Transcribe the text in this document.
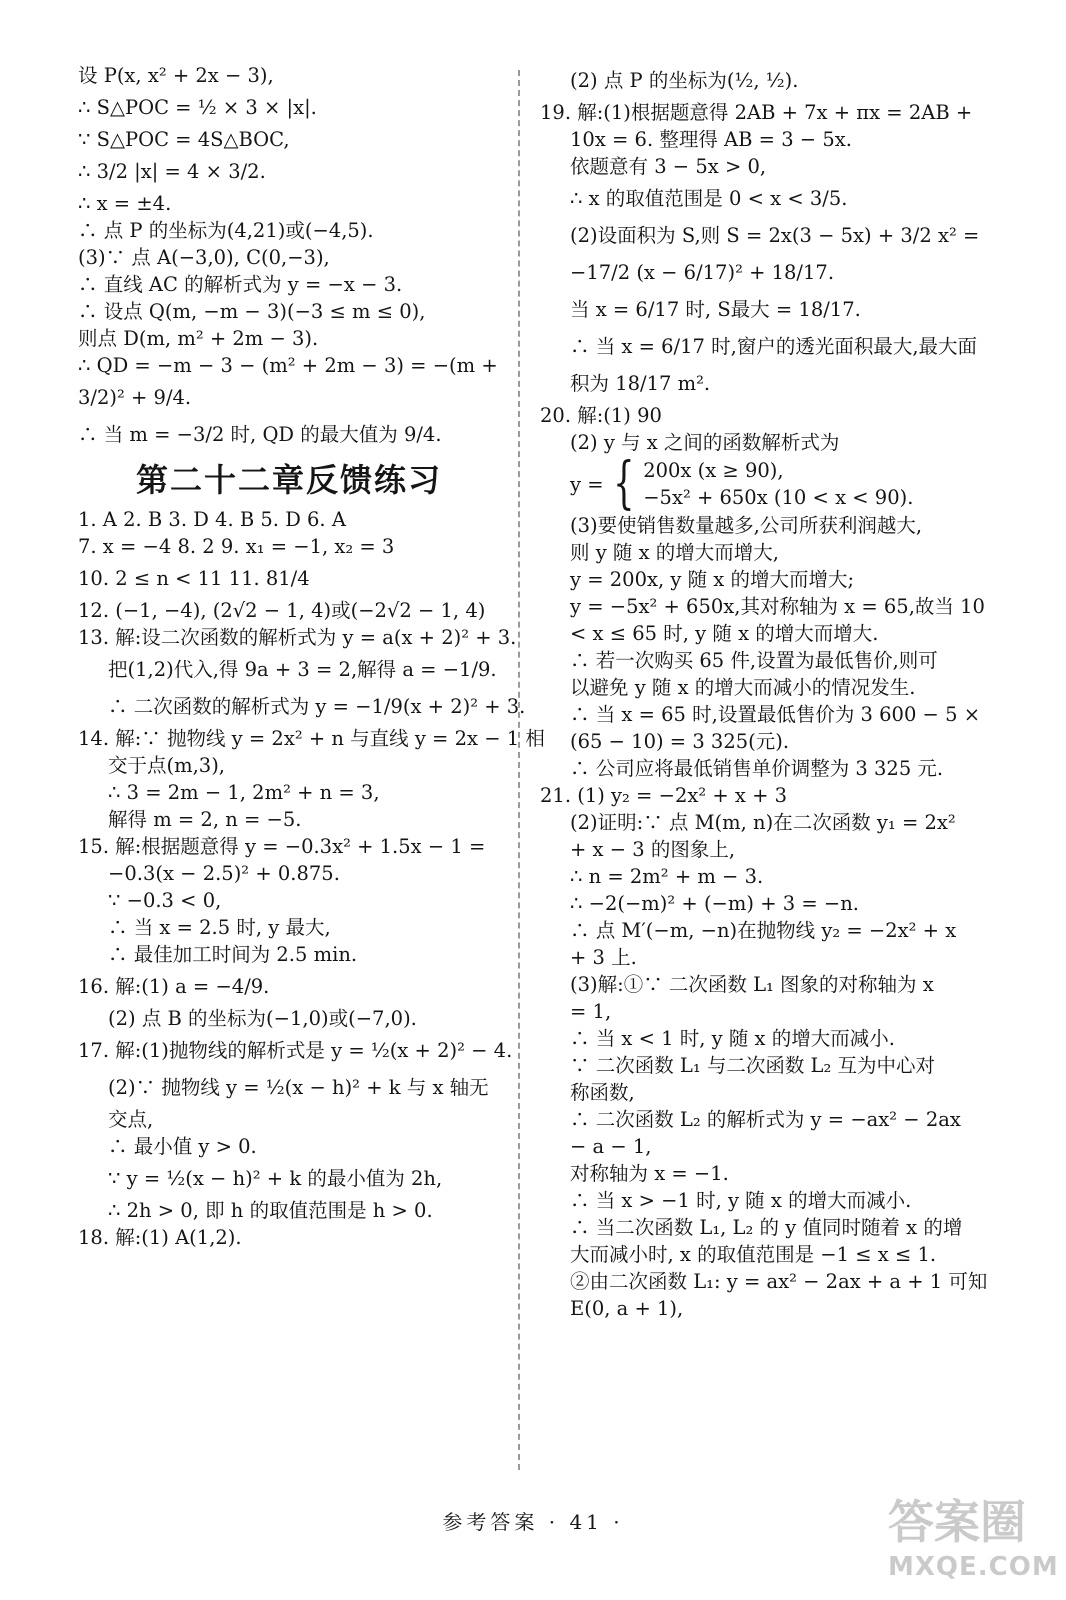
设 P(x, x² + 2x − 3),

∴ S△POC = ½ × 3 × |x|.

∵ S△POC = 4S△BOC,

∴ 3/2 |x| = 4 × 3/2.

∴ x = ±4.

∴ 点 P 的坐标为(4,21)或(−4,5).

(3)∵ 点 A(−3,0), C(0,−3),

∴ 直线 AC 的解析式为 y = −x − 3.

∴ 设点 Q(m, −m − 3)(−3 ≤ m ≤ 0),

则点 D(m, m² + 2m − 3).

∴ QD = −m − 3 − (m² + 2m − 3) = −(m +

3/2)² + 9/4.

∴ 当 m = −3/2 时, QD 的最大值为 9/4.

第二十二章反馈练习

1. A 2. B 3. D 4. B 5. D 6. A

7. x = −4 8. 2 9. x₁ = −1, x₂ = 3

10. 2 ≤ n < 11 11. 81/4

12. (−1, −4), (2√2 − 1, 4)或(−2√2 − 1, 4)

13. 解:设二次函数的解析式为 y = a(x + 2)² + 3.

把(1,2)代入,得 9a + 3 = 2,解得 a = −1/9.

∴ 二次函数的解析式为 y = −1/9(x + 2)² + 3.

14. 解:∵ 抛物线 y = 2x² + n 与直线 y = 2x − 1 相

交于点(m,3),

∴ 3 = 2m − 1, 2m² + n = 3,

解得 m = 2, n = −5.

15. 解:根据题意得 y = −0.3x² + 1.5x − 1 =

−0.3(x − 2.5)² + 0.875.

∵ −0.3 < 0,

∴ 当 x = 2.5 时, y 最大,

∴ 最佳加工时间为 2.5 min.

16. 解:(1) a = −4/9.

(2) 点 B 的坐标为(−1,0)或(−7,0).

17. 解:(1)抛物线的解析式是 y = ½(x + 2)² − 4.

(2)∵ 抛物线 y = ½(x − h)² + k 与 x 轴无

交点,

∴ 最小值 y > 0.

∵ y = ½(x − h)² + k 的最小值为 2h,

∴ 2h > 0, 即 h 的取值范围是 h > 0.

18. 解:(1) A(1,2).

(2) 点 P 的坐标为(½, ½).

19. 解:(1)根据题意得 2AB + 7x + πx = 2AB +

10x = 6. 整理得 AB = 3 − 5x.

依题意有 3 − 5x > 0,

∴ x 的取值范围是 0 < x < 3/5.

(2)设面积为 S,则 S = 2x(3 − 5x) + 3/2 x² =

−17/2 (x − 6/17)² + 18/17.

当 x = 6/17 时, S最大 = 18/17.

∴ 当 x = 6/17 时,窗户的透光面积最大,最大面

积为 18/17 m².

20. 解:(1) 90

(2) y 与 x 之间的函数解析式为

y = { 200x (x ≥ 90),

−5x² + 650x (10 < x < 90).

(3)要使销售数量越多,公司所获利润越大,

则 y 随 x 的增大而增大,

y = 200x, y 随 x 的增大而增大;

y = −5x² + 650x,其对称轴为 x = 65,故当 10

< x ≤ 65 时, y 随 x 的增大而增大.

∴ 若一次购买 65 件,设置为最低售价,则可

以避免 y 随 x 的增大而减小的情况发生.

∴ 当 x = 65 时,设置最低售价为 3 600 − 5 ×

(65 − 10) = 3 325(元).

∴ 公司应将最低销售单价调整为 3 325 元.

21. (1) y₂ = −2x² + x + 3

(2)证明:∵ 点 M(m, n)在二次函数 y₁ = 2x²

+ x − 3 的图象上,

∴ n = 2m² + m − 3.

∴ −2(−m)² + (−m) + 3 = −n.

∴ 点 M′(−m, −n)在抛物线 y₂ = −2x² + x

+ 3 上.

(3)解:①∵ 二次函数 L₁ 图象的对称轴为 x

= 1,

∴ 当 x < 1 时, y 随 x 的增大而减小.

∵ 二次函数 L₁ 与二次函数 L₂ 互为中心对

称函数,

∴ 二次函数 L₂ 的解析式为 y = −ax² − 2ax

− a − 1,

对称轴为 x = −1.

∴ 当 x > −1 时, y 随 x 的增大而减小.

∴ 当二次函数 L₁, L₂ 的 y 值同时随着 x 的增

大而减小时, x 的取值范围是 −1 ≤ x ≤ 1.

②由二次函数 L₁: y = ax² − 2ax + a + 1 可知

E(0, a + 1),

参考答案 · 41 ·	答案圈
MXQE.COM
